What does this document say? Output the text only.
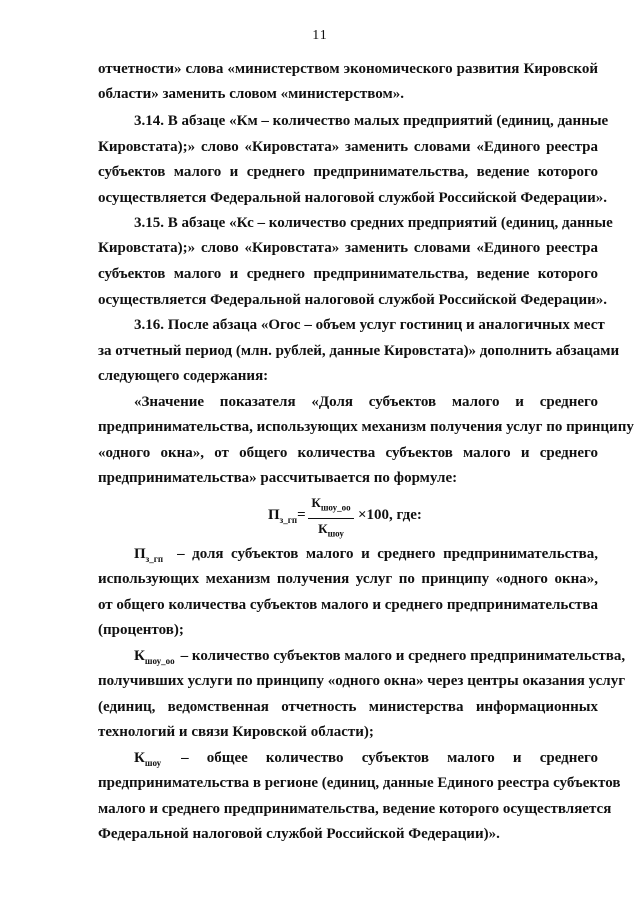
11
отчетности» слова «министерством экономического развития Кировской
области» заменить словом «министерством».
3.14. В абзаце «Км – количество малых предприятий (единиц, данные
Кировстата);» слово «Кировстата» заменить словами «Единого реестра
субъектов малого и среднего предпринимательства, ведение которого
осуществляется Федеральной налоговой службой Российской Федерации».
3.15. В абзаце «Кс – количество средних предприятий (единиц, данные
Кировстата);» слово «Кировстата» заменить словами «Единого реестра
субъектов малого и среднего предпринимательства, ведение которого
осуществляется Федеральной налоговой службой Российской Федерации».
3.16. После абзаца «Огос – объем услуг гостиниц и аналогичных мест
за отчетный период (млн. рублей, данные Кировстата)» дополнить абзацами
следующего содержания:
«Значение показателя «Доля субъектов малого и среднего
предпринимательства, использующих механизм получения услуг по принципу
«одного окна», от общего количества субъектов малого и среднего
предпринимательства» рассчитывается по формуле:
$П_{з\_гп}=$
$К_{шоу\_оо}$
$К_{шоу}$
×100, где:
$П_{з\_гп}$ – доля субъектов малого и среднего предпринимательства,
использующих механизм получения услуг по принципу «одного окна»,
от общего количества субъектов малого и среднего предпринимательства
(процентов);
$К_{шоу\_оо}$ – количество субъектов малого и среднего предпринимательства,
получивших услуги по принципу «одного окна» через центры оказания услуг
(единиц, ведомственная отчетность министерства информационных
технологий и связи Кировской области);
$К_{шоу}$ – общее количество субъектов малого и среднего
предпринимательства в регионе (единиц, данные Единого реестра субъектов
малого и среднего предпринимательства, ведение которого осуществляется
Федеральной налоговой службой Российской Федерации)».
